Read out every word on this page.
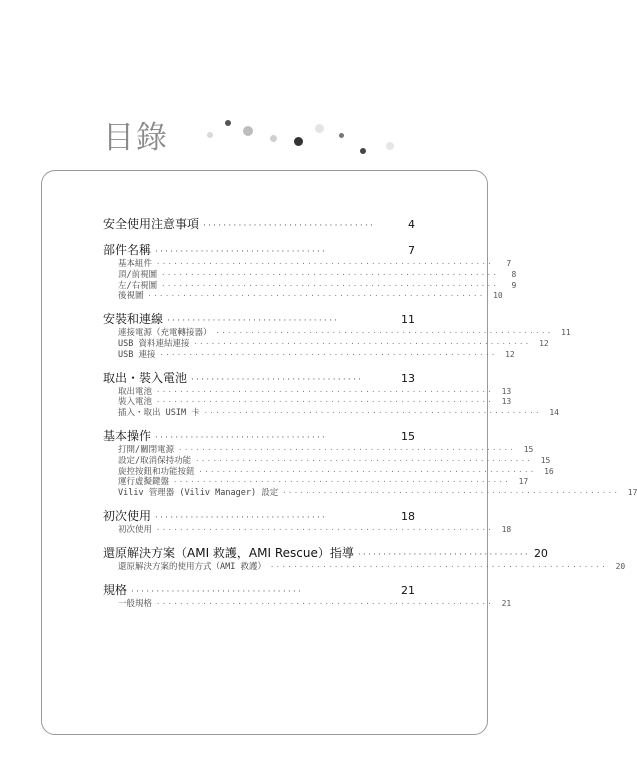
目錄
安全使用注意事項 ··································	4
部件名稱 ··································	7
基本組件 ··························································	7
頂/前視圖 ··························································	8
左/右視圖 ··························································	9
後視圖 ··························································	10
安裝和連線 ··································	11
連接電源（充電轉接器） ··························································	11
USB 資料連結連接 ··························································	12
USB 連接 ··························································	12
取出・裝入電池 ··································	13
取出電池 ··························································	13
裝入電池 ··························································	13
插入・取出 USIM 卡 ··························································	14
基本操作 ··································	15
打開/關閉電源 ··························································	15
設定/取消保持功能 ··························································	15
旋控按鈕和功能按鈕 ··························································	16
運行虛擬鍵盤 ··························································	17
Viliv 管理器 (Viliv Manager) 設定 ··························································	17
初次使用 ··································	18
初次使用 ··························································	18
還原解決方案（AMI 救護，AMI Rescue）指導 ·································· 20
還原解決方案的使用方式（AMI 救護） ··························································	20
規格 ··································	21
一般規格 ··························································	21
